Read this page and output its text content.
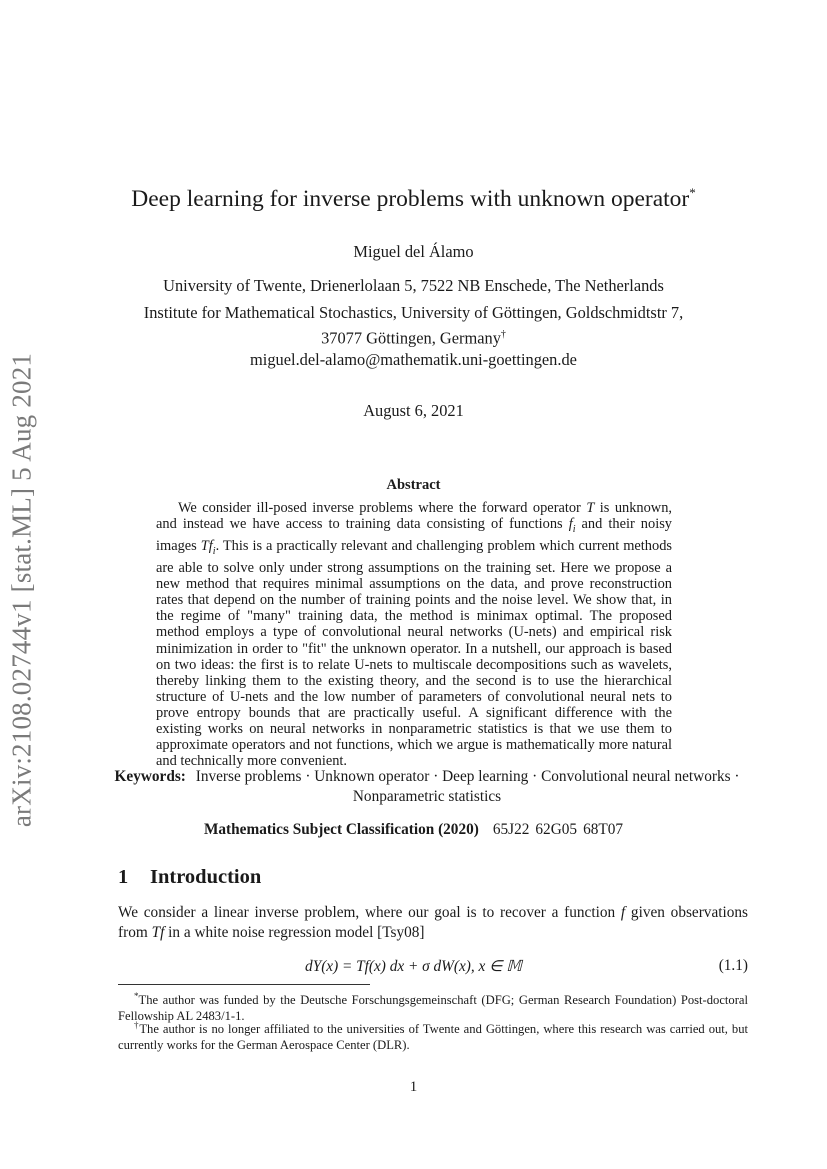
arXiv:2108.02744v1 [stat.ML] 5 Aug 2021
Deep learning for inverse problems with unknown operator*
Miguel del Álamo
University of Twente, Drienerlolaan 5, 7522 NB Enschede, The Netherlands
Institute for Mathematical Stochastics, University of Göttingen, Goldschmidtstr 7,
37077 Göttingen, Germany†
miguel.del-alamo@mathematik.uni-goettingen.de
August 6, 2021
Abstract
We consider ill-posed inverse problems where the forward operator T is unknown, and instead we have access to training data consisting of functions $f_i$ and their noisy images $Tf_i$. This is a practically relevant and challenging problem which current methods are able to solve only under strong assumptions on the training set. Here we propose a new method that requires minimal assumptions on the data, and prove reconstruction rates that depend on the number of training points and the noise level. We show that, in the regime of "many" training data, the method is minimax optimal. The proposed method employs a type of convolutional neural networks (U-nets) and empirical risk minimization in order to "fit" the unknown operator. In a nutshell, our approach is based on two ideas: the first is to relate U-nets to multiscale decompositions such as wavelets, thereby linking them to the existing theory, and the second is to use the hierarchical structure of U-nets and the low number of parameters of convolutional neural nets to prove entropy bounds that are practically useful. A significant difference with the existing works on neural networks in nonparametric statistics is that we use them to approximate operators and not functions, which we argue is mathematically more natural and technically more convenient.
Keywords: Inverse problems · Unknown operator · Deep learning · Convolutional neural networks · Nonparametric statistics
Mathematics Subject Classification (2020) 65J22 62G05 68T07
1 Introduction
We consider a linear inverse problem, where our goal is to recover a function f given observations from Tf in a white noise regression model [Tsy08]
dY(x) = Tf(x) dx + σ dW(x), x ∈ 𝕄	(1.1)
*The author was funded by the Deutsche Forschungsgemeinschaft (DFG; German Research Foundation) Post-doctoral Fellowship AL 2483/1-1.
†The author is no longer affiliated to the universities of Twente and Göttingen, where this research was carried out, but currently works for the German Aerospace Center (DLR).
1
